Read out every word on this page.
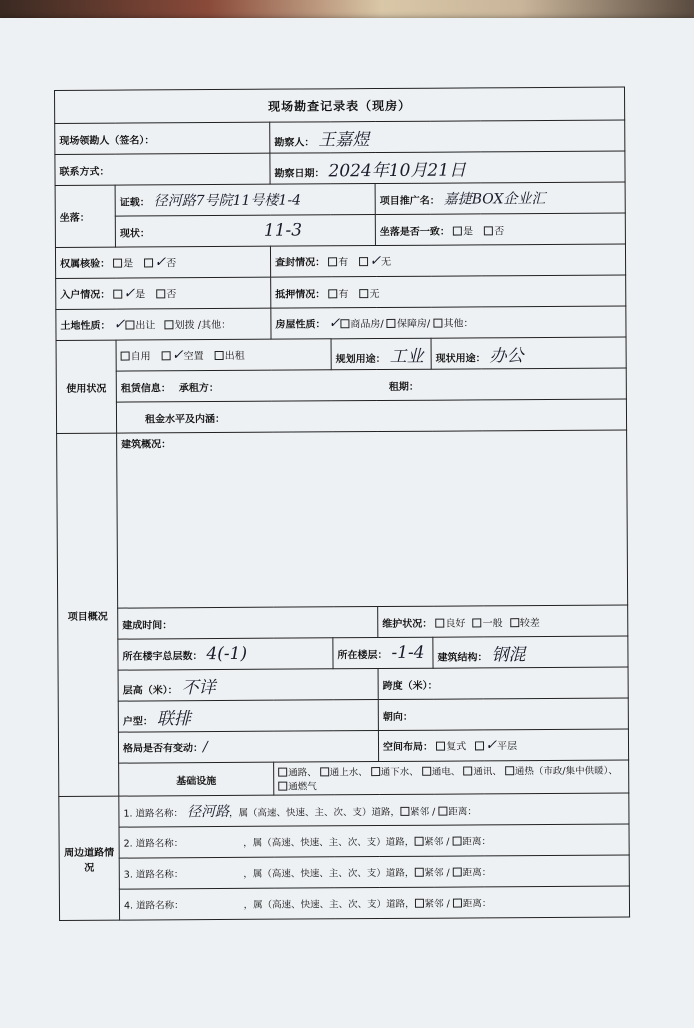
现场勘查记录表（现房）					
现场领勘人（签名）：		勘察人： 王嘉煜			
联系方式：		勘察日期： 2024年10月21日			
坐落：	证载： 径河路7号院11号楼1-4			项目推广名： 嘉捷BOX企业汇	
	现状： 11-3			坐落是否一致： 是 否	
权属核验： 是 ✓否		查封情况： 有 ✓无			
入户情况： ✓是 否		抵押情况： 有 无			
土地性质： ✓ 出让 划拨 /其他：		房屋性质： ✓ 商品房/ 保障房/ 其他：			
使用状况	自用 ✓空置 出租		规划用途： 工业		现状用途： 办公
	租赁信息： 承租方： 租期：				
	租金水平及内涵：				
项目概况	建筑概况：				
	建成时间：			维护状况： 良好 一般 较差	
	所在楼宇总层数： 4(-1)		所在楼层： -1-4		建筑结构： 钢混
	层高（米）： 不详			跨度（米）：	
	户型： 联排			朝向：	
	格局是否有变动：/			空间布局： 复式 ✓平层	
	基础设施	通路、 通上水、 通下水、 通电、 通讯、 通热（市政/集中供暖）、 通燃气			
周边道路情况	1. 道路名称： 径河路，属（高速、快速、主、次、支）道路， 紧邻 / 距离：				
	2. 道路名称： ，属（高速、快速、主、次、支）道路， 紧邻 / 距离：				
	3. 道路名称： ，属（高速、快速、主、次、支）道路， 紧邻 / 距离：				
	4. 道路名称： ，属（高速、快速、主、次、支）道路， 紧邻 / 距离：				
